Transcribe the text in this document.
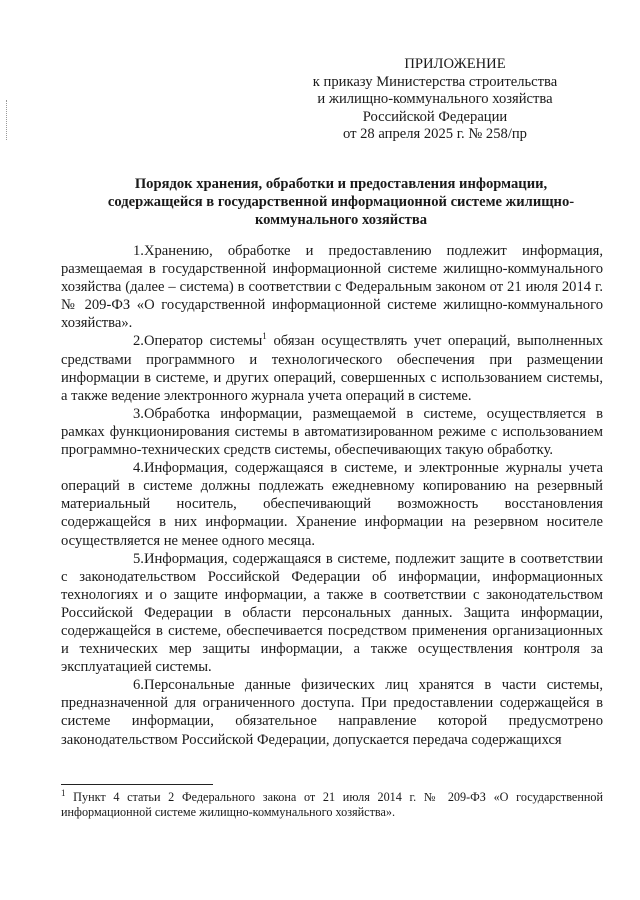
ПРИЛОЖЕНИЕ
к приказу Министерства строительства
и жилищно-коммунального хозяйства
Российской Федерации
от 28 апреля 2025 г. № 258/пр
Порядок хранения, обработки и предоставления информации, содержащейся в государственной информационной системе жилищно-коммунального хозяйства

1.Хранению, обработке и предоставлению подлежит информация, размещаемая в государственной информационной системе жилищно-коммунального хозяйства (далее – система) в соответствии с Федеральным законом от 21 июля 2014 г. № 209-ФЗ «О государственной информационной системе жилищно-коммунального хозяйства».

2.Оператор системы$^1$ обязан осуществлять учет операций, выполненных средствами программного и технологического обеспечения при размещении информации в системе, и других операций, совершенных с использованием системы, а также ведение электронного журнала учета операций в системе.

3.Обработка информации, размещаемой в системе, осуществляется в рамках функционирования системы в автоматизированном режиме с использованием программно-технических средств системы, обеспечивающих такую обработку.

4.Информация, содержащаяся в системе, и электронные журналы учета операций в системе должны подлежать ежедневному копированию на резервный материальный носитель, обеспечивающий возможность восстановления содержащейся в них информации. Хранение информации на резервном носителе осуществляется не менее одного месяца.

5.Информация, содержащаяся в системе, подлежит защите в соответствии с законодательством Российской Федерации об информации, информационных технологиях и о защите информации, а также в соответствии с законодательством Российской Федерации в области персональных данных. Защита информации, содержащейся в системе, обеспечивается посредством применения организационных и технических мер защиты информации, а также осуществления контроля за эксплуатацией системы.

6.Персональные данные физических лиц хранятся в части системы, предназначенной для ограниченного доступа. При предоставлении содержащейся в системе информации, обязательное направление которой предусмотрено законодательством Российской Федерации, допускается передача содержащихся

$^1$ Пункт 4 статьи 2 Федерального закона от 21 июля 2014 г. № 209-ФЗ «О государственной информационной системе жилищно-коммунального хозяйства».
